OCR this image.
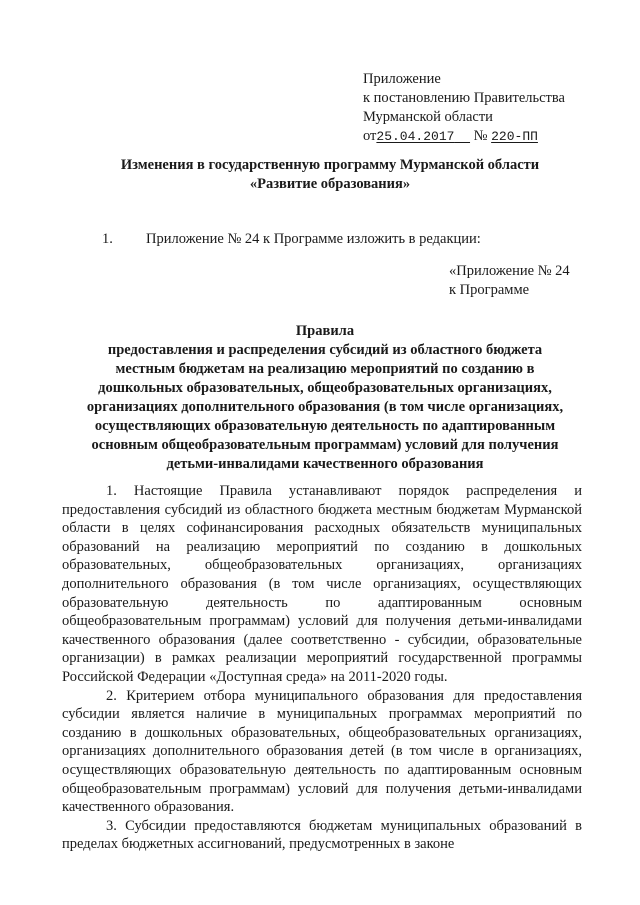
Приложение
к постановлению Правительства
Мурманской области
от25.04.2017 № 220-ПП
Изменения в государственную программу Мурманской области
«Развитие образования»
1. Приложение № 24 к Программе изложить в редакции:
«Приложение № 24
к Программе
Правила
предоставления и распределения субсидий из областного бюджета
местным бюджетам на реализацию мероприятий по созданию в
дошкольных образовательных, общеобразовательных организациях,
организациях дополнительного образования (в том числе организациях,
осуществляющих образовательную деятельность по адаптированным
основным общеобразовательным программам) условий для получения
детьми-инвалидами качественного образования

1. Настоящие Правила устанавливают порядок распределения и предоставления субсидий из областного бюджета местным бюджетам Мурманской области в целях софинансирования расходных обязательств муниципальных образований на реализацию мероприятий по созданию в дошкольных образовательных, общеобразовательных организациях, организациях дополнительного образования (в том числе организациях, осуществляющих образовательную деятельность по адаптированным основным общеобразовательным программам) условий для получения детьми-инвалидами качественного образования (далее соответственно - субсидии, образовательные организации) в рамках реализации мероприятий государственной программы Российской Федерации «Доступная среда» на 2011-2020 годы.

2. Критерием отбора муниципального образования для предоставления субсидии является наличие в муниципальных программах мероприятий по созданию в дошкольных образовательных, общеобразовательных организациях, организациях дополнительного образования детей (в том числе в организациях, осуществляющих образовательную деятельность по адаптированным основным общеобразовательным программам) условий для получения детьми-инвалидами качественного образования.

3. Субсидии предоставляются бюджетам муниципальных образований в пределах бюджетных ассигнований, предусмотренных в законе
